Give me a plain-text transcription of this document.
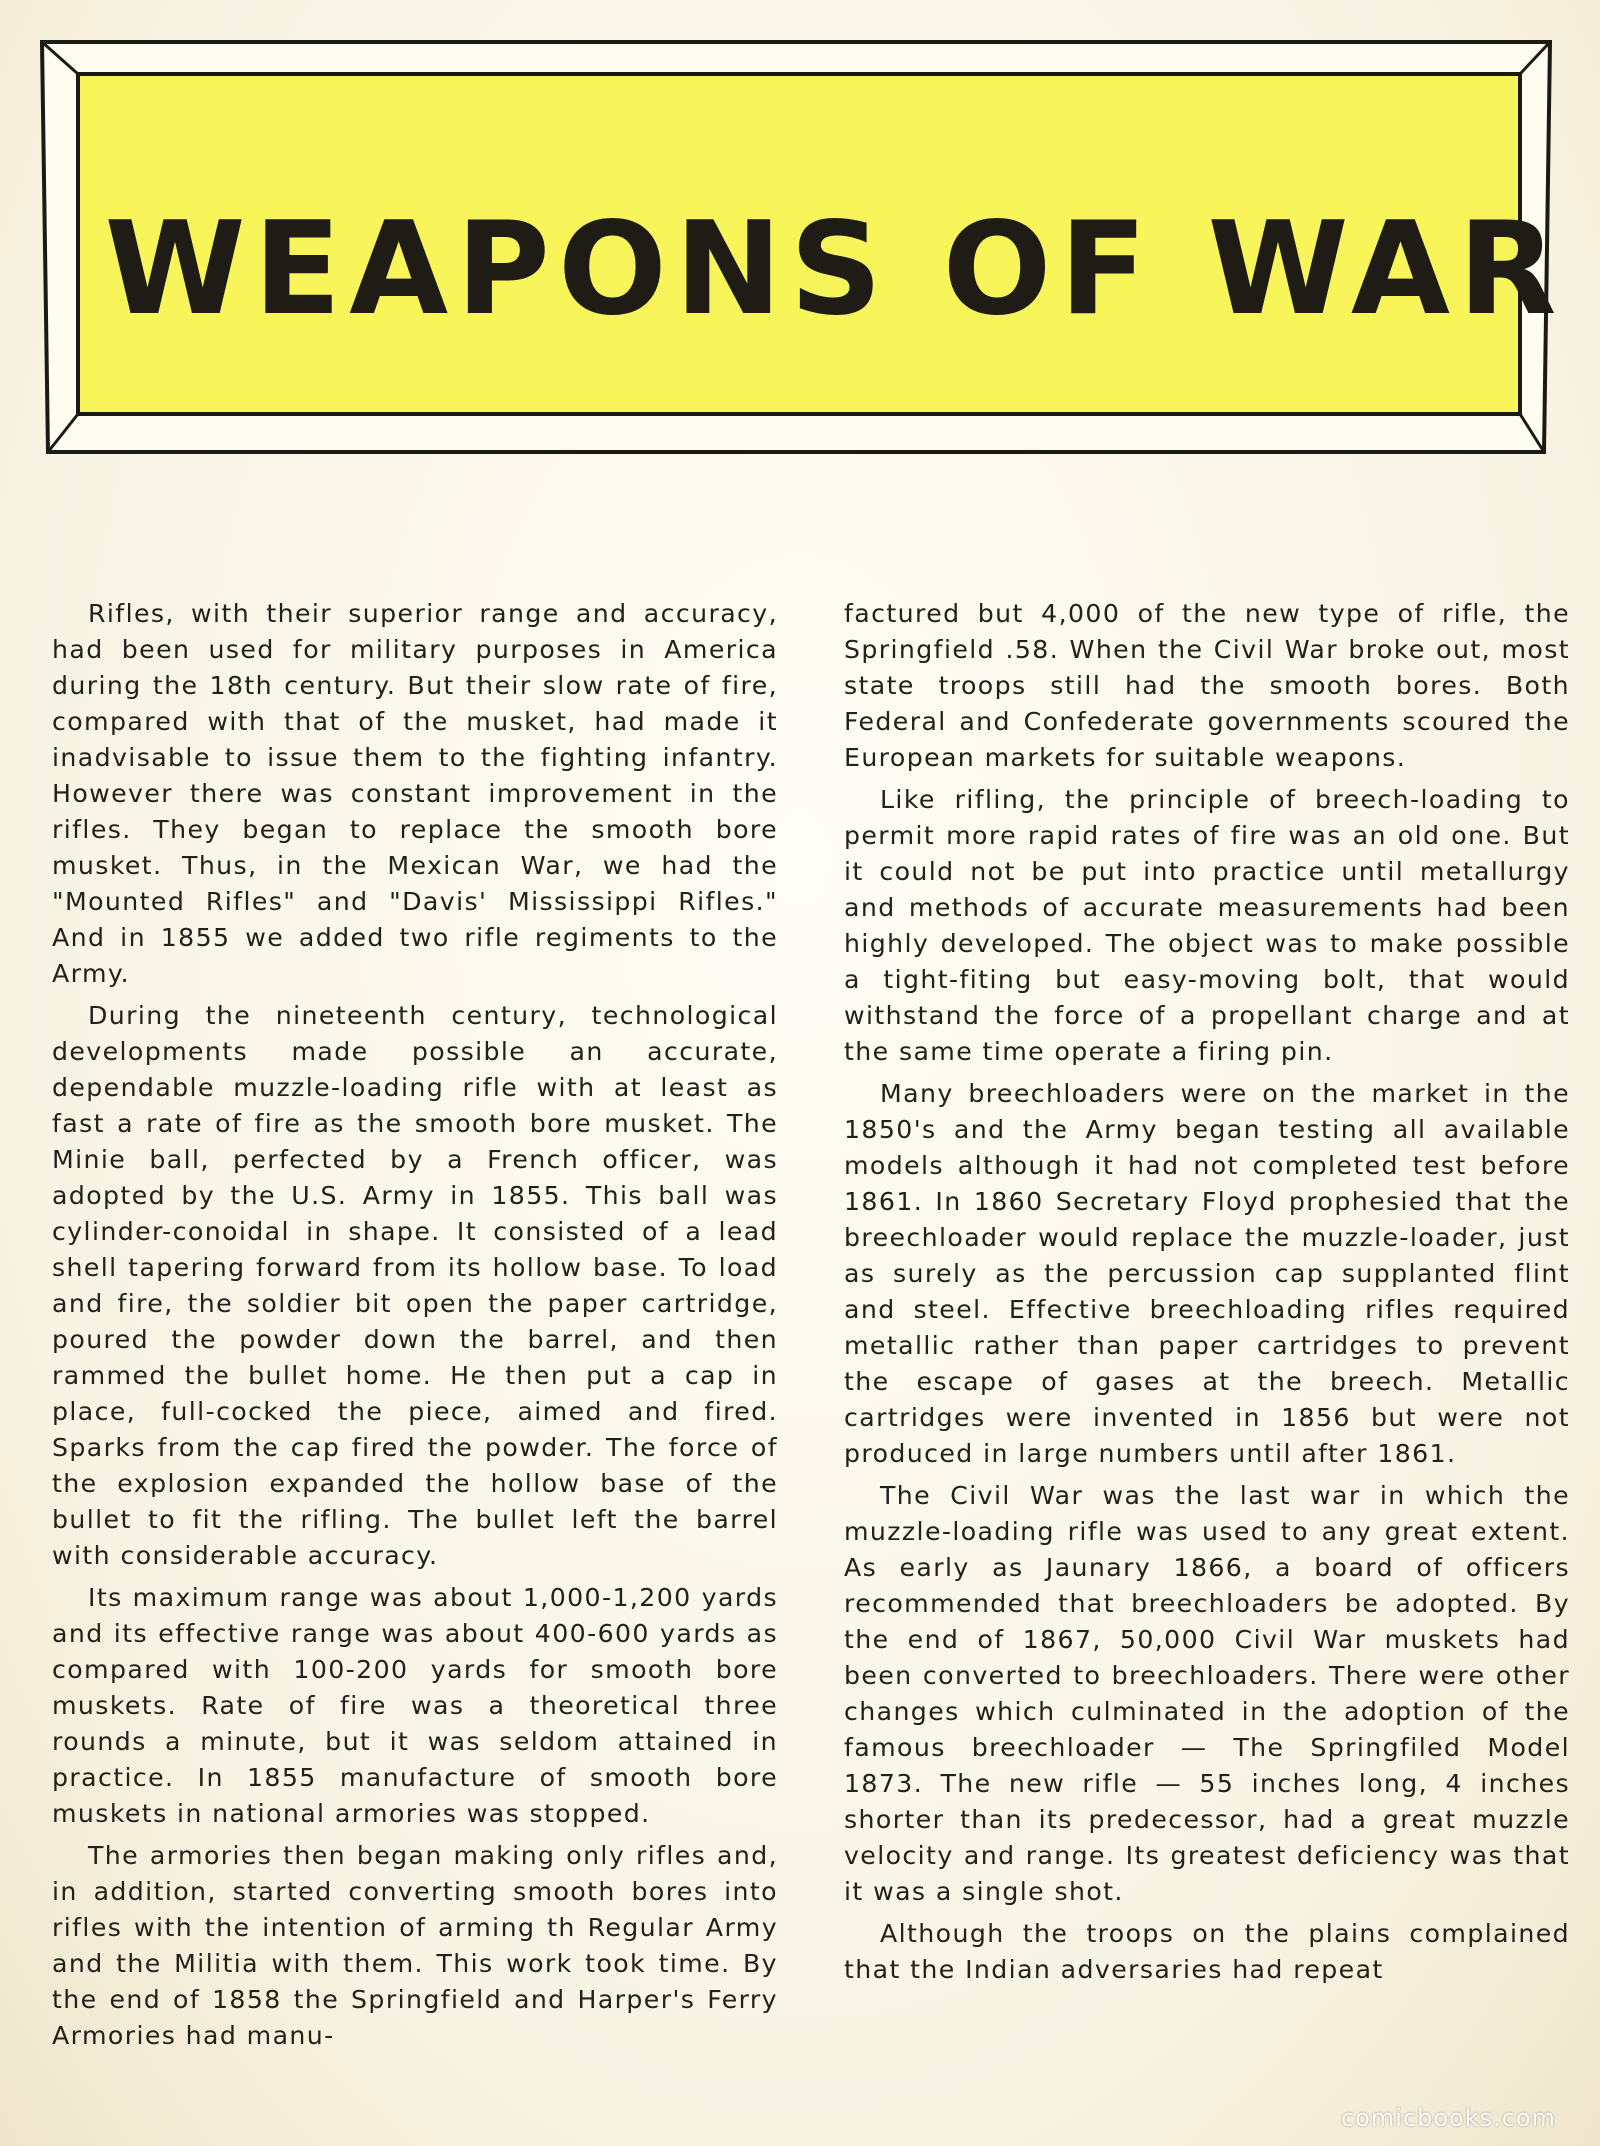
WEAPONS OF WAR

Rifles, with their superior range and accuracy, had been used for military purposes in America during the 18th century. But their slow rate of fire, compared with that of the musket, had made it inadvisable to issue them to the fighting infantry. However there was constant improvement in the rifles. They began to replace the smooth bore musket. Thus, in the Mexican War, we had the "Mounted Rifles" and "Davis' Mississippi Rifles." And in 1855 we added two rifle regiments to the Army.

During the nineteenth century, technological developments made possible an accurate, dependable muzzle-loading rifle with at least as fast a rate of fire as the smooth bore musket. The Minie ball, perfected by a French officer, was adopted by the U.S. Army in 1855. This ball was cylinder-conoidal in shape. It consisted of a lead shell tapering forward from its hollow base. To load and fire, the soldier bit open the paper cartridge, poured the powder down the barrel, and then rammed the bullet home. He then put a cap in place, full-cocked the piece, aimed and fired. Sparks from the cap fired the powder. The force of the explosion expanded the hollow base of the bullet to fit the rifling. The bullet left the barrel with considerable accuracy.

Its maximum range was about 1,000-1,200 yards and its effective range was about 400-600 yards as compared with 100-200 yards for smooth bore muskets. Rate of fire was a theoretical three rounds a minute, but it was seldom attained in practice. In 1855 manufacture of smooth bore muskets in national armories was stopped.

The armories then began making only rifles and, in addition, started converting smooth bores into rifles with the intention of arming th Regular Army and the Militia with them. This work took time. By the end of 1858 the Springfield and Harper's Ferry Armories had manu-

factured but 4,000 of the new type of rifle, the Springfield .58. When the Civil War broke out, most state troops still had the smooth bores. Both Federal and Confederate governments scoured the European markets for suitable weapons.

Like rifling, the principle of breech-loading to permit more rapid rates of fire was an old one. But it could not be put into practice until metallurgy and methods of accurate measurements had been highly developed. The object was to make possible a tight-fiting but easy-moving bolt, that would withstand the force of a propellant charge and at the same time operate a firing pin.

Many breechloaders were on the market in the 1850's and the Army began testing all available models although it had not completed test before 1861. In 1860 Secretary Floyd prophesied that the breechloader would replace the muzzle-loader, just as surely as the percussion cap supplanted flint and steel. Effective breechloading rifles required metallic rather than paper cartridges to prevent the escape of gases at the breech. Metallic cartridges were invented in 1856 but were not produced in large numbers until after 1861.

The Civil War was the last war in which the muzzle-loading rifle was used to any great extent. As early as Jaunary 1866, a board of officers recommended that breechloaders be adopted. By the end of 1867, 50,000 Civil War muskets had been converted to breechloaders. There were other changes which culminated in the adoption of the famous breechloader — The Springfiled Model 1873. The new rifle — 55 inches long, 4 inches shorter than its predecessor, had a great muzzle velocity and range. Its greatest deficiency was that it was a single shot.

Although the troops on the plains complained that the Indian adversaries had repeat

comicbooks.com
